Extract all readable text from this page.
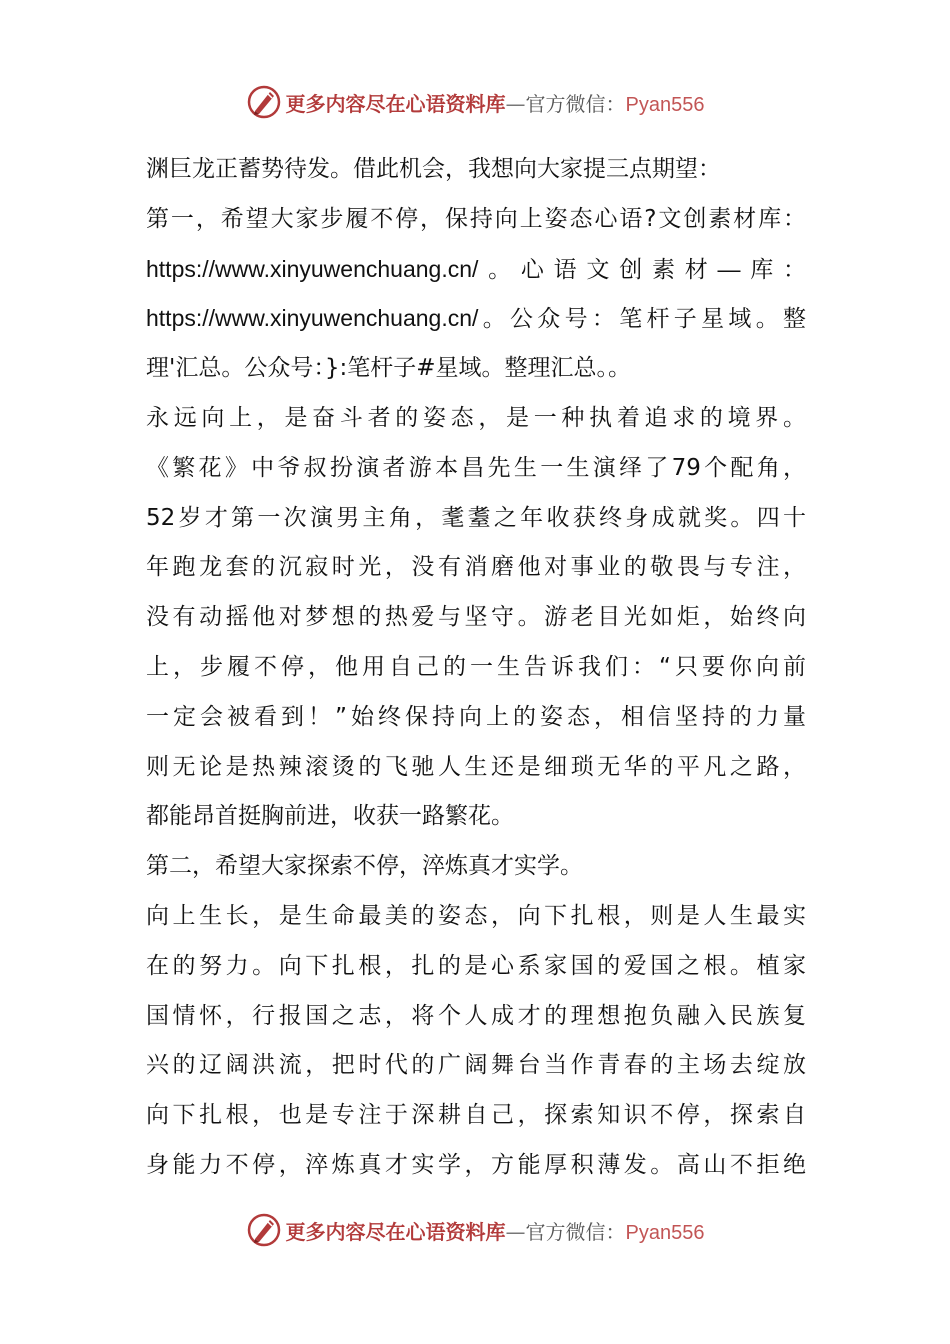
更多内容尽在心语资料库—官方微信：Pyan556
渊巨龙正蓄势待发。借此机会，我想向大家提三点期望：
第一，希望大家步履不停，保持向上姿态心语?文创素材库：
https://www.xinyuwenchuang.cn/。心语文创素材—库：
https://www.xinyuwenchuang.cn/。公众号：笔杆子星域。整
理'汇总。公众号：}:笔杆子#星域。整理汇总。。
永远向上，是奋斗者的姿态，是一种执着追求的境界。
《繁花》中爷叔扮演者游本昌先生一生演绎了79个配角，
52岁才第一次演男主角，耄耋之年收获终身成就奖。四十
年跑龙套的沉寂时光，没有消磨他对事业的敬畏与专注，
没有动摇他对梦想的热爱与坚守。游老目光如炬，始终向
上，步履不停，他用自己的一生告诉我们：“只要你向前
一定会被看到！”始终保持向上的姿态，相信坚持的力量
则无论是热辣滚烫的飞驰人生还是细琐无华的平凡之路，
都能昂首挺胸前进，收获一路繁花。
第二，希望大家探索不停，淬炼真才实学。
向上生长，是生命最美的姿态，向下扎根，则是人生最实
在的努力。向下扎根，扎的是心系家国的爱国之根。植家
国情怀，行报国之志，将个人成才的理想抱负融入民族复
兴的辽阔洪流，把时代的广阔舞台当作青春的主场去绽放
向下扎根，也是专注于深耕自己，探索知识不停，探索自
身能力不停，淬炼真才实学，方能厚积薄发。高山不拒绝
更多内容尽在心语资料库—官方微信：Pyan556
